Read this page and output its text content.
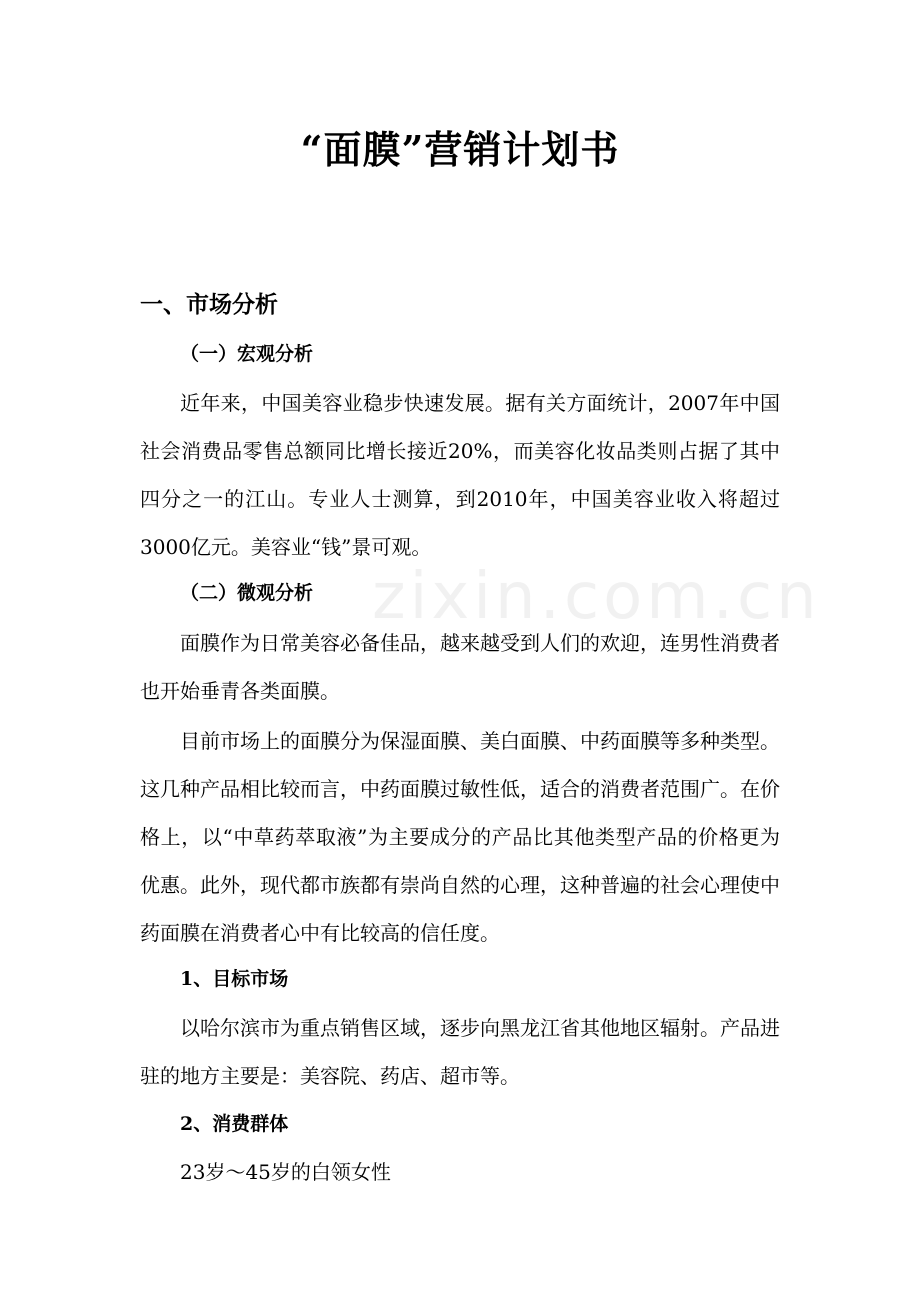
zixin.com.cn
“面膜”营销计划书
一、市场分析
（一）宏观分析
近年来，中国美容业稳步快速发展。据有关方面统计，2007年中国社会消费品零售总额同比增长接近20%，而美容化妆品类则占据了其中四分之一的江山。专业人士测算，到2010年，中国美容业收入将超过3000亿元。美容业“钱”景可观。
（二）微观分析
面膜作为日常美容必备佳品，越来越受到人们的欢迎，连男性消费者也开始垂青各类面膜。
目前市场上的面膜分为保湿面膜、美白面膜、中药面膜等多种类型。这几种产品相比较而言，中药面膜过敏性低，适合的消费者范围广。在价格上，以“中草药萃取液”为主要成分的产品比其他类型产品的价格更为优惠。此外，现代都市族都有崇尚自然的心理，这种普遍的社会心理使中药面膜在消费者心中有比较高的信任度。
1、目标市场
以哈尔滨市为重点销售区域，逐步向黑龙江省其他地区辐射。产品进驻的地方主要是：美容院、药店、超市等。
2、消费群体
23岁～45岁的白领女性
